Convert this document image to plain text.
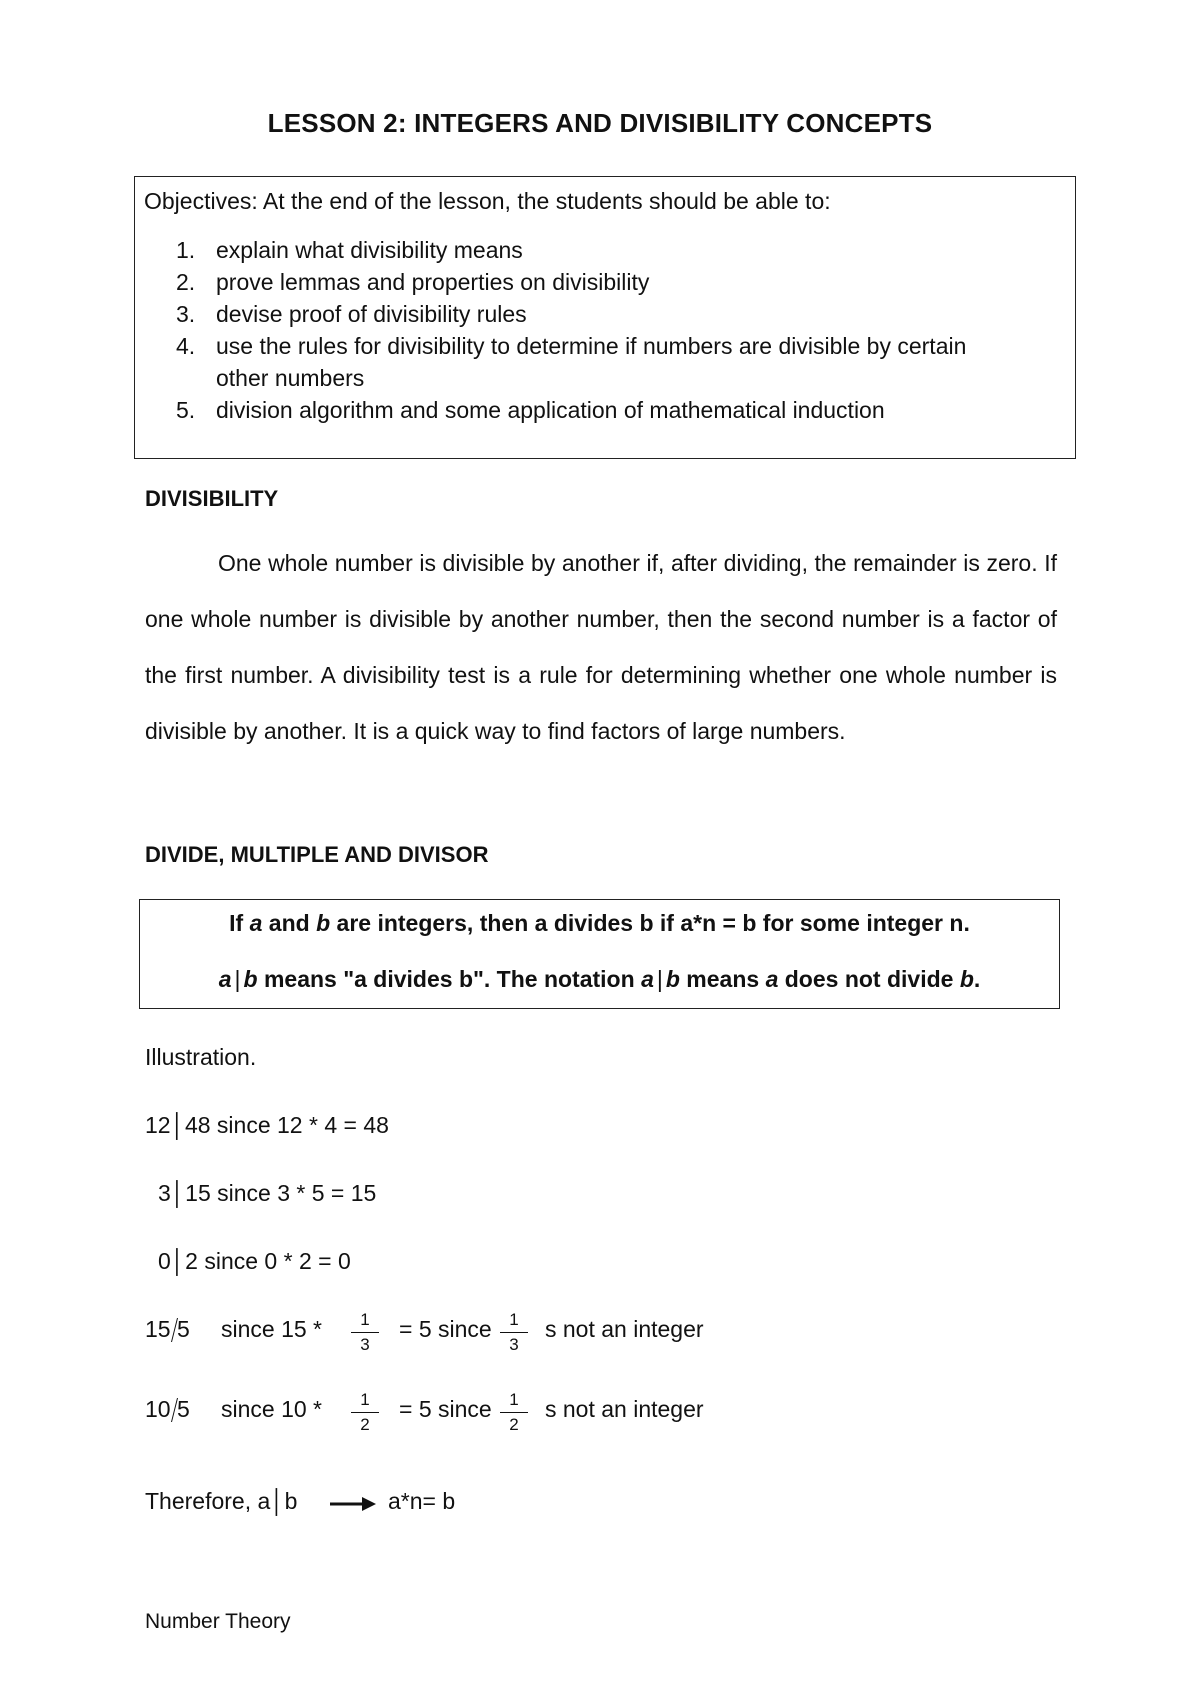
LESSON 2: INTEGERS AND DIVISIBILITY CONCEPTS
Objectives: At the end of the lesson, the students should be able to:
1. explain what divisibility means
2. prove lemmas and properties on divisibility
3. devise proof of divisibility rules
4. use the rules for divisibility to determine if numbers are divisible by certain
other numbers
5. division algorithm and some application of mathematical induction
DIVISIBILITY
One whole number is divisible by another if, after dividing, the remainder is zero. If one whole number is divisible by another number, then the second number is a factor of the first number. A divisibility test is a rule for determining whether one whole number is divisible by another. It is a quick way to find factors of large numbers.
DIVIDE, MULTIPLE AND DIVISOR
If a and b are integers, then a divides b if a*n = b for some integer n.
a | b means "a divides b". The notation a | b means a does not divide b.
Illustration.
12│48 since 12 * 4 = 48
3│15 since 3 * 5 = 15
0│2 since 0 * 2 = 0
15 5 since 15 *	= 5 since s not an integer
1
3
1
3
10 5 since 10 *	= 5 since s not an integer
1
2
1
2
Therefore, a│b	a*n= b
Number Theory
